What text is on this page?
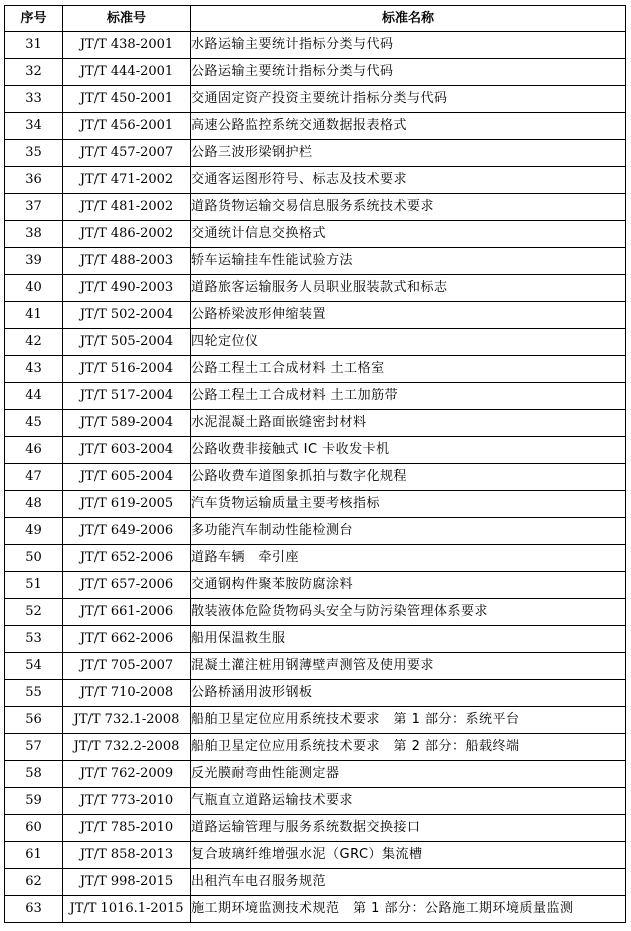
序号	标准号	标准名称
31	JT/T 438-2001	水路运输主要统计指标分类与代码
32	JT/T 444-2001	公路运输主要统计指标分类与代码
33	JT/T 450-2001	交通固定资产投资主要统计指标分类与代码
34	JT/T 456-2001	高速公路监控系统交通数据报表格式
35	JT/T 457-2007	公路三波形梁钢护栏
36	JT/T 471-2002	交通客运图形符号、标志及技术要求
37	JT/T 481-2002	道路货物运输交易信息服务系统技术要求
38	JT/T 486-2002	交通统计信息交换格式
39	JT/T 488-2003	轿车运输挂车性能试验方法
40	JT/T 490-2003	道路旅客运输服务人员职业服装款式和标志
41	JT/T 502-2004	公路桥梁波形伸缩装置
42	JT/T 505-2004	四轮定位仪
43	JT/T 516-2004	公路工程土工合成材料 土工格室
44	JT/T 517-2004	公路工程土工合成材料 土工加筋带
45	JT/T 589-2004	水泥混凝土路面嵌缝密封材料
46	JT/T 603-2004	公路收费非接触式 IC 卡收发卡机
47	JT/T 605-2004	公路收费车道图象抓拍与数字化规程
48	JT/T 619-2005	汽车货物运输质量主要考核指标
49	JT/T 649-2006	多功能汽车制动性能检测台
50	JT/T 652-2006	道路车辆　牵引座
51	JT/T 657-2006	交通钢构件聚苯胺防腐涂料
52	JT/T 661-2006	散装液体危险货物码头安全与防污染管理体系要求
53	JT/T 662-2006	船用保温救生服
54	JT/T 705-2007	混凝土灌注桩用钢薄壁声测管及使用要求
55	JT/T 710-2008	公路桥涵用波形钢板
56	JT/T 732.1-2008	船舶卫星定位应用系统技术要求　第 1 部分：系统平台
57	JT/T 732.2-2008	船舶卫星定位应用系统技术要求　第 2 部分：船载终端
58	JT/T 762-2009	反光膜耐弯曲性能测定器
59	JT/T 773-2010	气瓶直立道路运输技术要求
60	JT/T 785-2010	道路运输管理与服务系统数据交换接口
61	JT/T 858-2013	复合玻璃纤维增强水泥（GRC）集流槽
62	JT/T 998-2015	出租汽车电召服务规范
63	JT/T 1016.1-2015	施工期环境监测技术规范　第 1 部分：公路施工期环境质量监测
